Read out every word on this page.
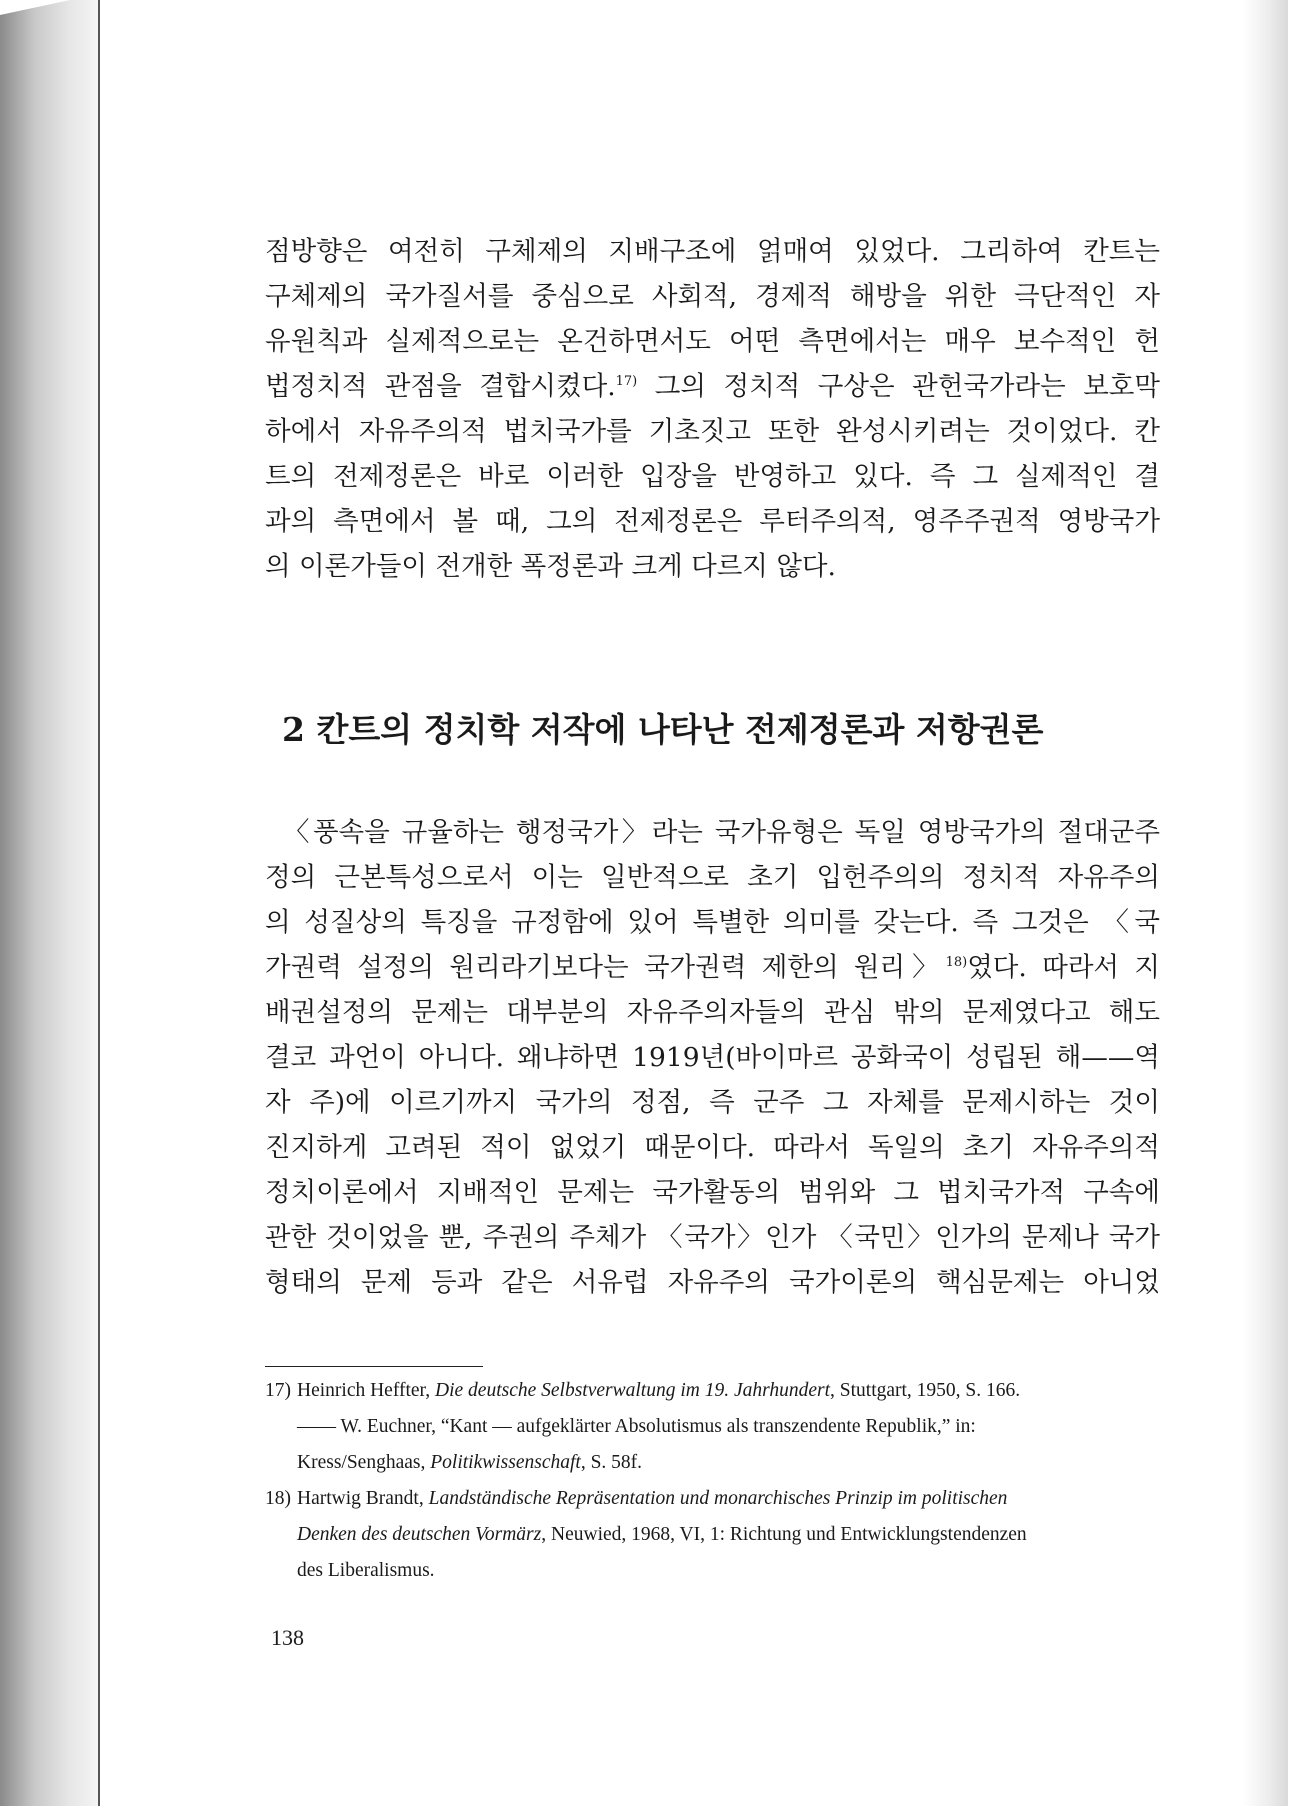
점방향은 여전히 구체제의 지배구조에 얽매여 있었다. 그리하여 칸트는

구체제의 국가질서를 중심으로 사회적, 경제적 해방을 위한 극단적인 자

유원칙과 실제적으로는 온건하면서도 어떤 측면에서는 매우 보수적인 헌

법정치적 관점을 결합시켰다.$^{17)}$ 그의 정치적 구상은 관헌국가라는 보호막

하에서 자유주의적 법치국가를 기초짓고 또한 완성시키려는 것이었다. 칸

트의 전제정론은 바로 이러한 입장을 반영하고 있다. 즉 그 실제적인 결

과의 측면에서 볼 때, 그의 전제정론은 루터주의적, 영주주권적 영방국가

의 이론가들이 전개한 폭정론과 크게 다르지 않다.

2 칸트의 정치학 저작에 나타난 전제정론과 저항권론

〈풍속을 규율하는 행정국가〉라는 국가유형은 독일 영방국가의 절대군주

정의 근본특성으로서 이는 일반적으로 초기 입헌주의의 정치적 자유주의

의 성질상의 특징을 규정함에 있어 특별한 의미를 갖는다. 즉 그것은 〈국

가권력 설정의 원리라기보다는 국가권력 제한의 원리〉$^{18)}$였다. 따라서 지

배권설정의 문제는 대부분의 자유주의자들의 관심 밖의 문제였다고 해도

결코 과언이 아니다. 왜냐하면 1919년(바이마르 공화국이 성립된 해——역

자 주)에 이르기까지 국가의 정점, 즉 군주 그 자체를 문제시하는 것이

진지하게 고려된 적이 없었기 때문이다. 따라서 독일의 초기 자유주의적

정치이론에서 지배적인 문제는 국가활동의 범위와 그 법치국가적 구속에

관한 것이었을 뿐, 주권의 주체가 〈국가〉인가 〈국민〉인가의 문제나 국가

형태의 문제 등과 같은 서유럽 자유주의 국가이론의 핵심문제는 아니었

17) Heinrich Heffter, Die deutsche Selbstverwaltung im 19. Jahrhundert, Stuttgart, 1950, S. 166.

—— W. Euchner, “Kant — aufgeklärter Absolutismus als transzendente Republik,” in:

Kress/Senghaas, Politikwissenschaft, S. 58f.

18) Hartwig Brandt, Landständische Repräsentation und monarchisches Prinzip im politischen

Denken des deutschen Vormärz, Neuwied, 1968, VI, 1: Richtung und Entwicklungstendenzen

des Liberalismus.

138
